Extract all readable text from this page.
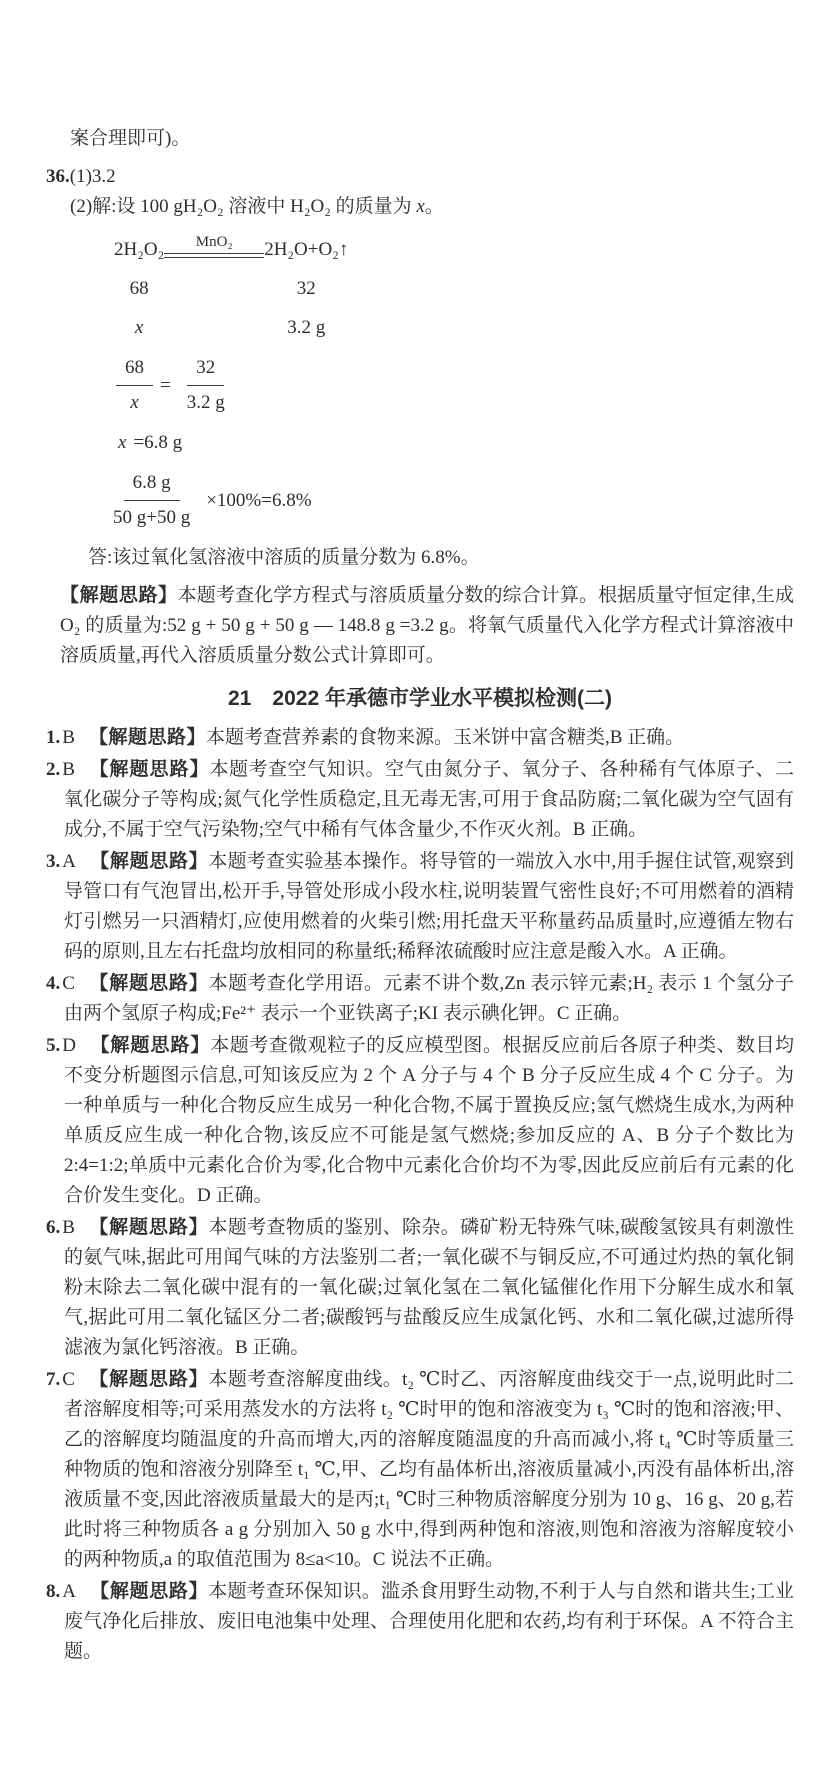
案合理即可)。
36.(1)3.2
(2)解:设 100 gH₂O₂ 溶液中 H₂O₂ 的质量为 x。
2H₂O₂ MnO₂ 2H₂O+O₂↑
68	32
x	3.2 g
$\frac{68}{x} = \frac{32}{3.2 g}$
x =6.8 g
$\frac{6.8 g}{50 g+50 g} \times 100\%=6.8\%$
答:该过氧化氢溶液中溶质的质量分数为 6.8%。
【解题思路】本题考查化学方程式与溶质质量分数的综合计算。根据质量守恒定律,生成 O₂ 的质量为:52 g + 50 g + 50 g — 148.8 g =3.2 g。将氧气质量代入化学方程式计算溶液中溶质质量,再代入溶质质量分数公式计算即可。
21　2022 年承德市学业水平模拟检测(二)
1. B 【解题思路】本题考查营养素的食物来源。玉米饼中富含糖类,B 正确。
2. B 【解题思路】本题考查空气知识。空气由氮分子、氧分子、各种稀有气体原子、二氧化碳分子等构成;氮气化学性质稳定,且无毒无害,可用于食品防腐;二氧化碳为空气固有成分,不属于空气污染物;空气中稀有气体含量少,不作灭火剂。B 正确。
3. A 【解题思路】本题考查实验基本操作。将导管的一端放入水中,用手握住试管,观察到导管口有气泡冒出,松开手,导管处形成小段水柱,说明装置气密性良好;不可用燃着的酒精灯引燃另一只酒精灯,应使用燃着的火柴引燃;用托盘天平称量药品质量时,应遵循左物右码的原则,且左右托盘均放相同的称量纸;稀释浓硫酸时应注意是酸入水。A 正确。
4. C 【解题思路】本题考查化学用语。元素不讲个数,Zn 表示锌元素;H₂ 表示 1 个氢分子由两个氢原子构成;Fe²⁺ 表示一个亚铁离子;KI 表示碘化钾。C 正确。
5. D 【解题思路】本题考查微观粒子的反应模型图。根据反应前后各原子种类、数目均不变分析题图示信息,可知该反应为 2 个 A 分子与 4 个 B 分子反应生成 4 个 C 分子。为一种单质与一种化合物反应生成另一种化合物,不属于置换反应;氢气燃烧生成水,为两种单质反应生成一种化合物,该反应不可能是氢气燃烧;参加反应的 A、B 分子个数比为 2:4=1:2;单质中元素化合价为零,化合物中元素化合价均不为零,因此反应前后有元素的化合价发生变化。D 正确。
6. B 【解题思路】本题考查物质的鉴别、除杂。磷矿粉无特殊气味,碳酸氢铵具有刺激性的氨气味,据此可用闻气味的方法鉴别二者;一氧化碳不与铜反应,不可通过灼热的氧化铜粉末除去二氧化碳中混有的一氧化碳;过氧化氢在二氧化锰催化作用下分解生成水和氧气,据此可用二氧化锰区分二者;碳酸钙与盐酸反应生成氯化钙、水和二氧化碳,过滤所得滤液为氯化钙溶液。B 正确。
7. C 【解题思路】本题考查溶解度曲线。t₂ ℃时乙、丙溶解度曲线交于一点,说明此时二者溶解度相等;可采用蒸发水的方法将 t₂ ℃时甲的饱和溶液变为 t₃ ℃时的饱和溶液;甲、乙的溶解度均随温度的升高而增大,丙的溶解度随温度的升高而减小,将 t₄ ℃时等质量三种物质的饱和溶液分别降至 t₁ ℃,甲、乙均有晶体析出,溶液质量减小,丙没有晶体析出,溶液质量不变,因此溶液质量最大的是丙;t₁ ℃时三种物质溶解度分别为 10 g、16 g、20 g,若此时将三种物质各 a g 分别加入 50 g 水中,得到两种饱和溶液,则饱和溶液为溶解度较小的两种物质,a 的取值范围为 8≤a<10。C 说法不正确。
8. A 【解题思路】本题考查环保知识。滥杀食用野生动物,不利于人与自然和谐共生;工业废气净化后排放、废旧电池集中处理、合理使用化肥和农药,均有利于环保。A 不符合主题。
